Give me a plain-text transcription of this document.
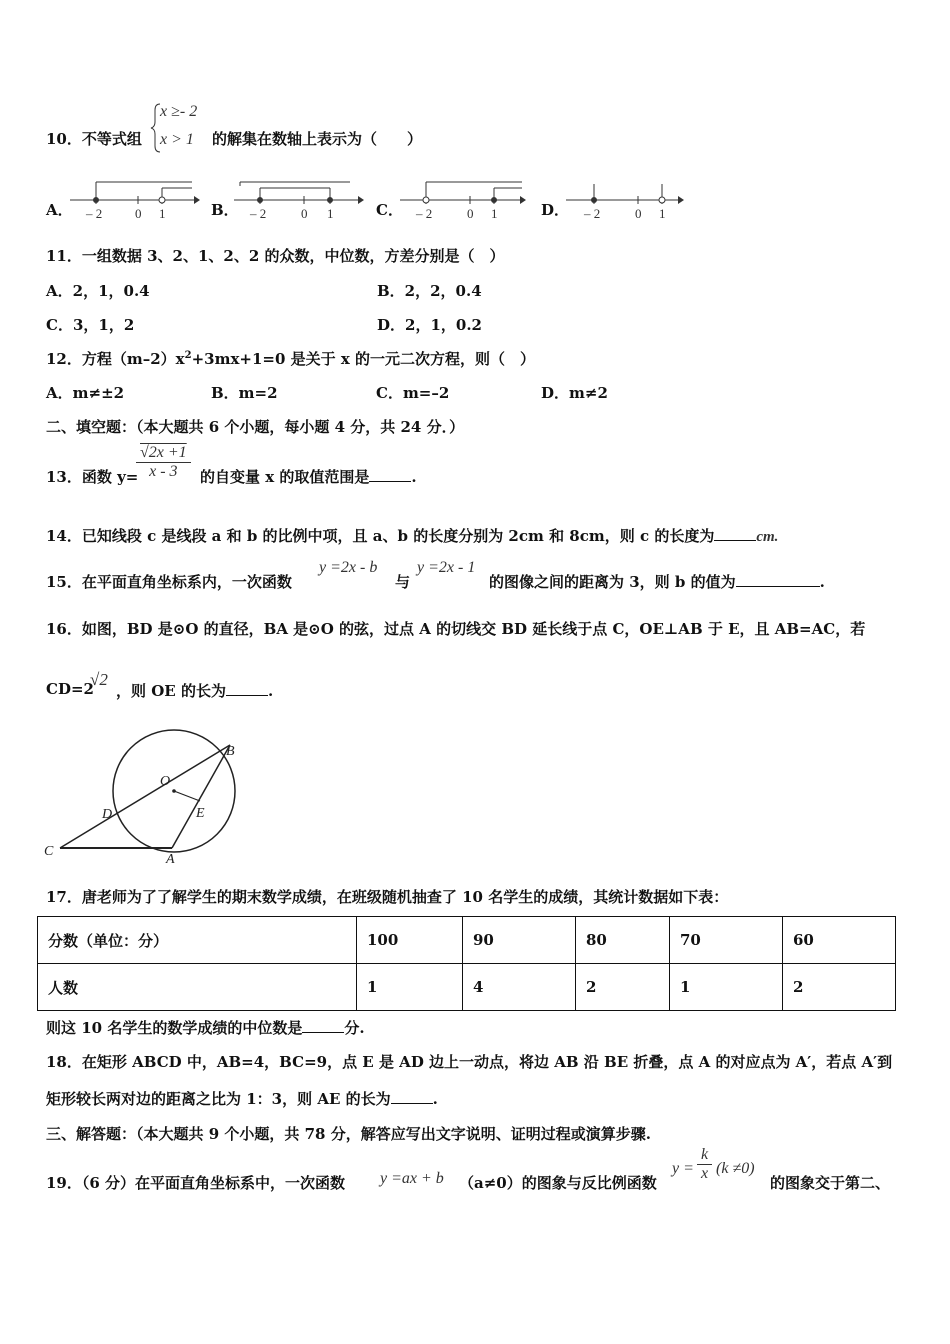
10．不等式组
x ≥- 2
x > 1 的解集在数轴上表示为（　　）
A． – 2	0 1	B． – 2	0 1	C． – 2	0 1	D． – 2	0 1
11．一组数据 3、2、1、2、2 的众数，中位数，方差分别是（　）
A．2，1，0.4	B．2，2，0.4
C．3，1，2	D．2，1，0.2
12．方程$(m-2)x^2+3mx+1=0$ 是关于 x 的一元二次方程，则（　）
A．m≠±2	B．m=2	C．m=–2	D．m≠2
二、填空题：（本大题共 6 个小题，每小题 4 分，共 24 分．）
13．函数 y=
$\frac{√2x +1}{x - 3}$ 的自变量 x 的取值范围是	.
14．已知线段 c 是线段 a 和 b 的比例中项，且 a、b 的长度分别为 2cm 和 8cm，则 c 的长度为	cm.
15．在平面直角坐标系内，一次函数
y =2x - b
与
y =2x - 1
的图像之间的距离为 3，则 b 的值为	.
16．如图，BD 是⊙O 的直径，BA 是⊙O 的弦，过点 A 的切线交 BD 延长线于点 C，OE⊥AB 于 E，且 AB=AC，若
CD=2
√2
，则 OE 的长为	.
B
O
D	E
C
A
17．唐老师为了了解学生的期末数学成绩，在班级随机抽查了 10 名学生的成绩，其统计数据如下表：
分数（单位：分）	100	90	80	70	60
人数	1	4	2	1	2
则这 10 名学生的数学成绩的中位数是	分.
18．在矩形 ABCD 中，AB=4，BC=9，点 E 是 AD 边上一动点，将边 AB 沿 BE 折叠，点 A 的对应点为 A′，若点 A′到
矩形较长两对边的距离之比为 1：3，则 AE 的长为	.
三、解答题：（本大题共 9 个小题，共 78 分，解答应写出文字说明、证明过程或演算步骤.
19．（6 分）在平面直角坐标系中，一次函数 y =ax + b （a≠0）的图象与反比例函数
$y = \frac{k}{x} (k \ne 0)$
的图象交于第二、
